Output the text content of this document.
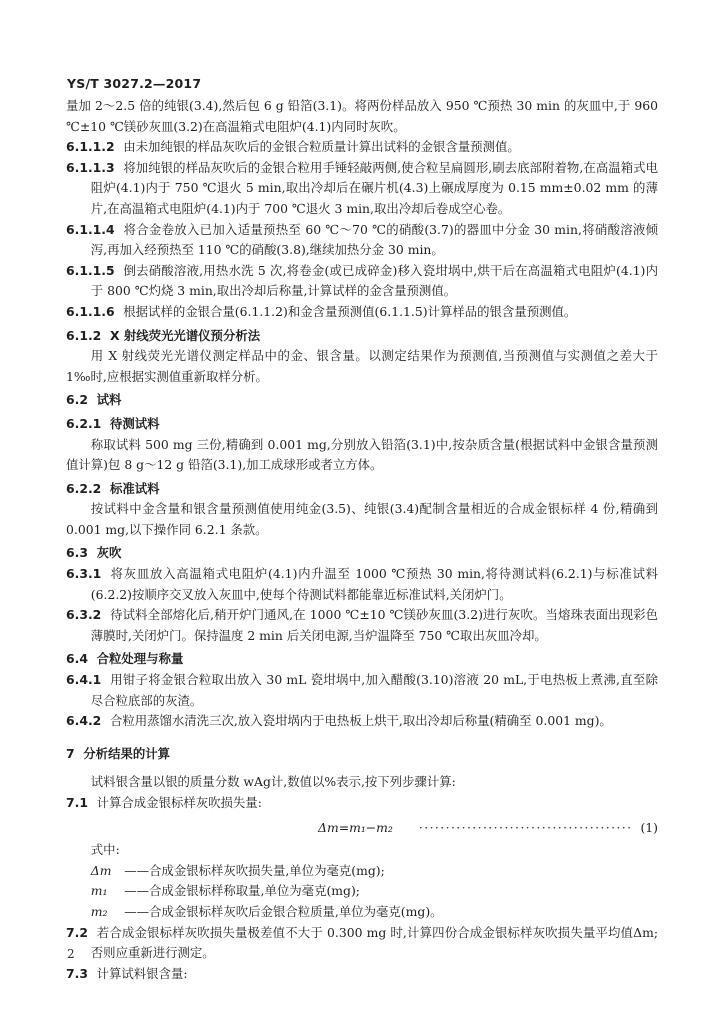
YS/T 3027.2—2017

量加 2～2.5 倍的纯银(3.4),然后包 6 g 铅箔(3.1)。将两份样品放入 950 ℃预热 30 min 的灰皿中,于 960 ℃±10 ℃镁砂灰皿(3.2)在高温箱式电阻炉(4.1)内同时灰吹。

6.1.1.2 由未加纯银的样品灰吹后的金银合粒质量计算出试料的金银含量预测值。

6.1.1.3 将加纯银的样品灰吹后的金银合粒用手锤轻敲两侧,使合粒呈扁圆形,刷去底部附着物,在高温箱式电阻炉(4.1)内于 750 ℃退火 5 min,取出冷却后在碾片机(4.3)上碾成厚度为 0.15 mm±0.02 mm 的薄片,在高温箱式电阻炉(4.1)内于 700 ℃退火 3 min,取出冷却后卷成空心卷。

6.1.1.4 将合金卷放入已加入适量预热至 60 ℃～70 ℃的硝酸(3.7)的器皿中分金 30 min,将硝酸溶液倾泻,再加入经预热至 110 ℃的硝酸(3.8),继续加热分金 30 min。

6.1.1.5 倒去硝酸溶液,用热水洗 5 次,将卷金(或已成碎金)移入瓷坩埚中,烘干后在高温箱式电阻炉(4.1)内于 800 ℃灼烧 3 min,取出冷却后称量,计算试样的金含量预测值。

6.1.1.6 根据试样的金银合量(6.1.1.2)和金含量预测值(6.1.1.5)计算样品的银含量预测值。

6.1.2 X 射线荧光光谱仪预分析法

用 X 射线荧光光谱仪测定样品中的金、银含量。以测定结果作为预测值,当预测值与实测值之差大于 1‰时,应根据实测值重新取样分析。

6.2 试料

6.2.1 待测试料

称取试料 500 mg 三份,精确到 0.001 mg,分别放入铅箔(3.1)中,按杂质含量(根据试料中金银含量预测值计算)包 8 g～12 g 铅箔(3.1),加工成球形或者立方体。

6.2.2 标准试料

按试料中金含量和银含量预测值使用纯金(3.5)、纯银(3.4)配制含量相近的合成金银标样 4 份,精确到 0.001 mg,以下操作同 6.2.1 条款。

6.3 灰吹

6.3.1 将灰皿放入高温箱式电阻炉(4.1)内升温至 1000 ℃预热 30 min,将待测试料(6.2.1)与标准试料(6.2.2)按顺序交叉放入灰皿中,使每个待测试料都能靠近标准试料,关闭炉门。

6.3.2 待试料全部熔化后,稍开炉门通风,在 1000 ℃±10 ℃镁砂灰皿(3.2)进行灰吹。当熔珠表面出现彩色薄膜时,关闭炉门。保持温度 2 min 后关闭电源,当炉温降至 750 ℃取出灰皿冷却。

6.4 合粒处理与称量

6.4.1 用钳子将金银合粒取出放入 30 mL 瓷坩埚中,加入醋酸(3.10)溶液 20 mL,于电热板上煮沸,直至除尽合粒底部的灰渣。

6.4.2 合粒用蒸馏水清洗三次,放入瓷坩埚内于电热板上烘干,取出冷却后称量(精确至 0.001 mg)。

7 分析结果的计算

试料银含量以银的质量分数 wAg计,数值以%表示,按下列步骤计算:

7.1 计算合成金银标样灰吹损失量:

Δm=m₁−m₂ ········································ (1)

式中:

Δm	—— 合成金银标样灰吹损失量,单位为毫克(mg);
m₁	—— 合成金银标样称取量,单位为毫克(mg);
m₂	—— 合成金银标样灰吹后金银合粒质量,单位为毫克(mg)。

7.2 若合成金银标样灰吹损失量极差值不大于 0.300 mg 时,计算四份合成金银标样灰吹损失量平均值Δm;否则应重新进行测定。

7.3 计算试料银含量:

2
